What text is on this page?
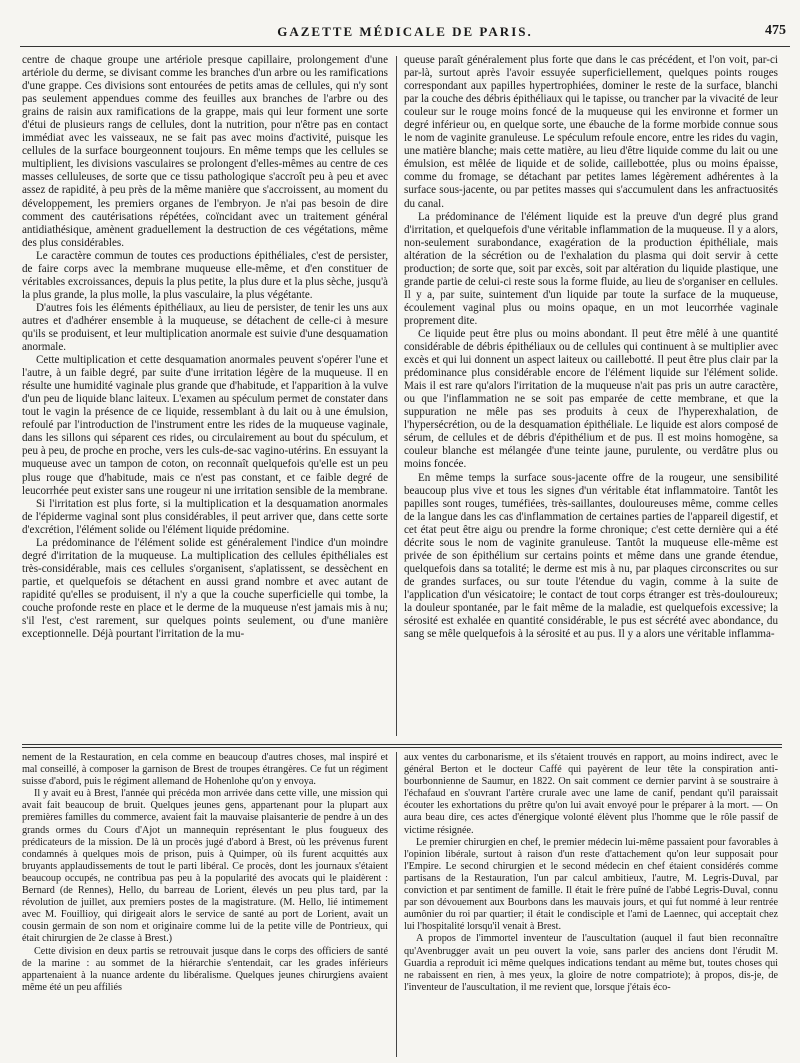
GAZETTE MÉDICALE DE PARIS.	475

centre de chaque groupe une artériole presque capillaire, prolongement d'une artériole du derme, se divisant comme les branches d'un arbre ou les ramifications d'une grappe. Ces divisions sont entourées de petits amas de cellules, qui n'y sont pas seulement appendues comme des feuilles aux branches de l'arbre ou des grains de raisin aux ramifications de la grappe, mais qui leur forment une sorte d'étui de plusieurs rangs de cellules, dont la nutrition, pour n'être pas en contact immédiat avec les vaisseaux, ne se fait pas avec moins d'activité, puisque les cellules de la surface bourgeonnent toujours. En même temps que les cellules se multiplient, les divisions vasculaires se prolongent d'elles-mêmes au centre de ces masses celluleuses, de sorte que ce tissu pathologique s'accroît peu à peu et avec assez de rapidité, à peu près de la même manière que s'accroissent, au moment du développement, les premiers organes de l'embryon. Je n'ai pas besoin de dire comment des cautérisations répétées, coïncidant avec un traitement général antidiathésique, amènent graduellement la destruction de ces végétations, même des plus considérables.

Le caractère commun de toutes ces productions épithéliales, c'est de persister, de faire corps avec la membrane muqueuse elle-même, et d'en constituer de véritables excroissances, depuis la plus petite, la plus dure et la plus sèche, jusqu'à la plus grande, la plus molle, la plus vasculaire, la plus végétante.

D'autres fois les éléments épithéliaux, au lieu de persister, de tenir les uns aux autres et d'adhérer ensemble à la muqueuse, se détachent de celle-ci à mesure qu'ils se produisent, et leur multiplication anormale est suivie d'une desquamation anormale.

Cette multiplication et cette desquamation anormales peuvent s'opérer l'une et l'autre, à un faible degré, par suite d'une irritation légère de la muqueuse. Il en résulte une humidité vaginale plus grande que d'habitude, et l'apparition à la vulve d'un peu de liquide blanc laiteux. L'examen au spéculum permet de constater dans tout le vagin la présence de ce liquide, ressemblant à du lait ou à une émulsion, refoulé par l'introduction de l'instrument entre les rides de la muqueuse vaginale, dans les sillons qui séparent ces rides, ou circulairement au bout du spéculum, et peu à peu, de proche en proche, vers les culs-de-sac vagino-utérins. En essuyant la muqueuse avec un tampon de coton, on reconnaît quelquefois qu'elle est un peu plus rouge que d'habitude, mais ce n'est pas constant, et ce faible degré de leucorrhée peut exister sans une rougeur ni une irritation sensible de la membrane.

Si l'irritation est plus forte, si la multiplication et la desquamation anormales de l'épiderme vaginal sont plus considérables, il peut arriver que, dans cette sorte d'excrétion, l'élément solide ou l'élément liquide prédomine.

La prédominance de l'élément solide est généralement l'indice d'un moindre degré d'irritation de la muqueuse. La multiplication des cellules épithéliales est très-considérable, mais ces cellules s'organisent, s'aplatissent, se dessèchent en partie, et quelquefois se détachent en aussi grand nombre et avec autant de rapidité qu'elles se produisent, il n'y a que la couche superficielle qui tombe, la couche profonde reste en place et le derme de la muqueuse n'est jamais mis à nu; s'il l'est, c'est rarement, sur quelques points seulement, ou d'une manière exceptionnelle. Déjà pourtant l'irritation de la mu-

queuse paraît généralement plus forte que dans le cas précédent, et l'on voit, par-ci par-là, surtout après l'avoir essuyée superficiellement, quelques points rouges correspondant aux papilles hypertrophiées, dominer le reste de la surface, blanchi par la couche des débris épithéliaux qui le tapisse, ou trancher par la vivacité de leur couleur sur le rouge moins foncé de la muqueuse qui les environne et former un degré inférieur ou, en quelque sorte, une ébauche de la forme morbide connue sous le nom de vaginite granuleuse. Le spéculum refoule encore, entre les rides du vagin, une matière blanche; mais cette matière, au lieu d'être liquide comme du lait ou une émulsion, est mêlée de liquide et de solide, caillebottée, plus ou moins épaisse, comme du fromage, se détachant par petites lames légèrement adhérentes à la surface sous-jacente, ou par petites masses qui s'accumulent dans les anfractuosités du canal.

La prédominance de l'élément liquide est la preuve d'un degré plus grand d'irritation, et quelquefois d'une véritable inflammation de la muqueuse. Il y a alors, non-seulement surabondance, exagération de la production épithéliale, mais altération de la sécrétion ou de l'exhalation du plasma qui doit servir à cette production; de sorte que, soit par excès, soit par altération du liquide plastique, une grande partie de celui-ci reste sous la forme fluide, au lieu de s'organiser en cellules. Il y a, par suite, suintement d'un liquide par toute la surface de la muqueuse, écoulement vaginal plus ou moins opaque, en un mot leucorrhée vaginale proprement dite.

Ce liquide peut être plus ou moins abondant. Il peut être mêlé à une quantité considérable de débris épithéliaux ou de cellules qui continuent à se multiplier avec excès et qui lui donnent un aspect laiteux ou caillebotté. Il peut être plus clair par la prédominance plus considérable encore de l'élément liquide sur l'élément solide. Mais il est rare qu'alors l'irritation de la muqueuse n'ait pas pris un autre caractère, ou que l'inflammation ne se soit pas emparée de cette membrane, et que la suppuration ne mêle pas ses produits à ceux de l'hyperexhalation, de l'hypersécrétion, ou de la desquamation épithéliale. Le liquide est alors composé de sérum, de cellules et de débris d'épithélium et de pus. Il est moins homogène, sa couleur blanche est mélangée d'une teinte jaune, purulente, ou verdâtre plus ou moins foncée.

En même temps la surface sous-jacente offre de la rougeur, une sensibilité beaucoup plus vive et tous les signes d'un véritable état inflammatoire. Tantôt les papilles sont rouges, tuméfiées, très-saillantes, douloureuses même, comme celles de la langue dans les cas d'inflammation de certaines parties de l'appareil digestif, et cet état peut être aigu ou prendre la forme chronique; c'est cette dernière qui a été décrite sous le nom de vaginite granuleuse. Tantôt la muqueuse elle-même est privée de son épithélium sur certains points et même dans une grande étendue, quelquefois dans sa totalité; le derme est mis à nu, par plaques circonscrites ou sur de grandes surfaces, ou sur toute l'étendue du vagin, comme à la suite de l'application d'un vésicatoire; le contact de tout corps étranger est très-douloureux; la douleur spontanée, par le fait même de la maladie, est quelquefois excessive; la sérosité est exhalée en quantité considérable, le pus est sécrété avec abondance, du sang se mêle quelquefois à la sérosité et au pus. Il y a alors une véritable inflamma-

nement de la Restauration, en cela comme en beaucoup d'autres choses, mal inspiré et mal conseillé, à composer la garnison de Brest de troupes étrangères. Ce fut un régiment suisse d'abord, puis le régiment allemand de Hohenlohe qu'on y envoya.

Il y avait eu à Brest, l'année qui précéda mon arrivée dans cette ville, une mission qui avait fait beaucoup de bruit. Quelques jeunes gens, appartenant pour la plupart aux premières familles du commerce, avaient fait la mauvaise plaisanterie de pendre à un des grands ormes du Cours d'Ajot un mannequin représentant le plus fougueux des prédicateurs de la mission. De là un procès jugé d'abord à Brest, où les prévenus furent condamnés à quelques mois de prison, puis à Quimper, où ils furent acquittés aux bruyants applaudissements de tout le parti libéral. Ce procès, dont les journaux s'étaient beaucoup occupés, ne contribua pas peu à la popularité des avocats qui le plaidèrent : Bernard (de Rennes), Hello, du barreau de Lorient, élevés un peu plus tard, par la révolution de juillet, aux premiers postes de la magistrature. (M. Hello, lié intimement avec M. Fouillioy, qui dirigeait alors le service de santé au port de Lorient, avait un cousin germain de son nom et originaire comme lui de la petite ville de Pontrieux, qui était chirurgien de 2e classe à Brest.)

Cette division en deux partis se retrouvait jusque dans le corps des officiers de santé de la marine : au sommet de la hiérarchie s'entendait, car les grades inférieurs appartenaient à la nuance ardente du libéralisme. Quelques jeunes chirurgiens avaient même été un peu affiliés

aux ventes du carbonarisme, et ils s'étaient trouvés en rapport, au moins indirect, avec le général Berton et le docteur Caffé qui payèrent de leur tête la conspiration anti-bourbonnienne de Saumur, en 1822. On sait comment ce dernier parvint à se soustraire à l'échafaud en s'ouvrant l'artère crurale avec une lame de canif, pendant qu'il paraissait écouter les exhortations du prêtre qu'on lui avait envoyé pour le préparer à la mort. — On aura beau dire, ces actes d'énergique volonté élèvent plus l'homme que le rôle passif de victime résignée.

Le premier chirurgien en chef, le premier médecin lui-même passaient pour favorables à l'opinion libérale, surtout à raison d'un reste d'attachement qu'on leur supposait pour l'Empire. Le second chirurgien et le second médecin en chef étaient considérés comme partisans de la Restauration, l'un par calcul ambitieux, l'autre, M. Legris-Duval, par conviction et par sentiment de famille. Il était le frère puîné de l'abbé Legris-Duval, connu par son dévouement aux Bourbons dans les mauvais jours, et qui fut nommé à leur rentrée aumônier du roi par quartier; il était le condisciple et l'ami de Laennec, qui acceptait chez lui l'hospitalité lorsqu'il venait à Brest.

A propos de l'immortel inventeur de l'auscultation (auquel il faut bien reconnaître qu'Avenbrugger avait un peu ouvert la voie, sans parler des anciens dont l'érudit M. Guardia a reproduit ici même quelques indications tendant au même but, toutes choses qui ne rabaissent en rien, à mes yeux, la gloire de notre compatriote); à propos, dis-je, de l'inventeur de l'auscultation, il me revient que, lorsque j'étais éco-
